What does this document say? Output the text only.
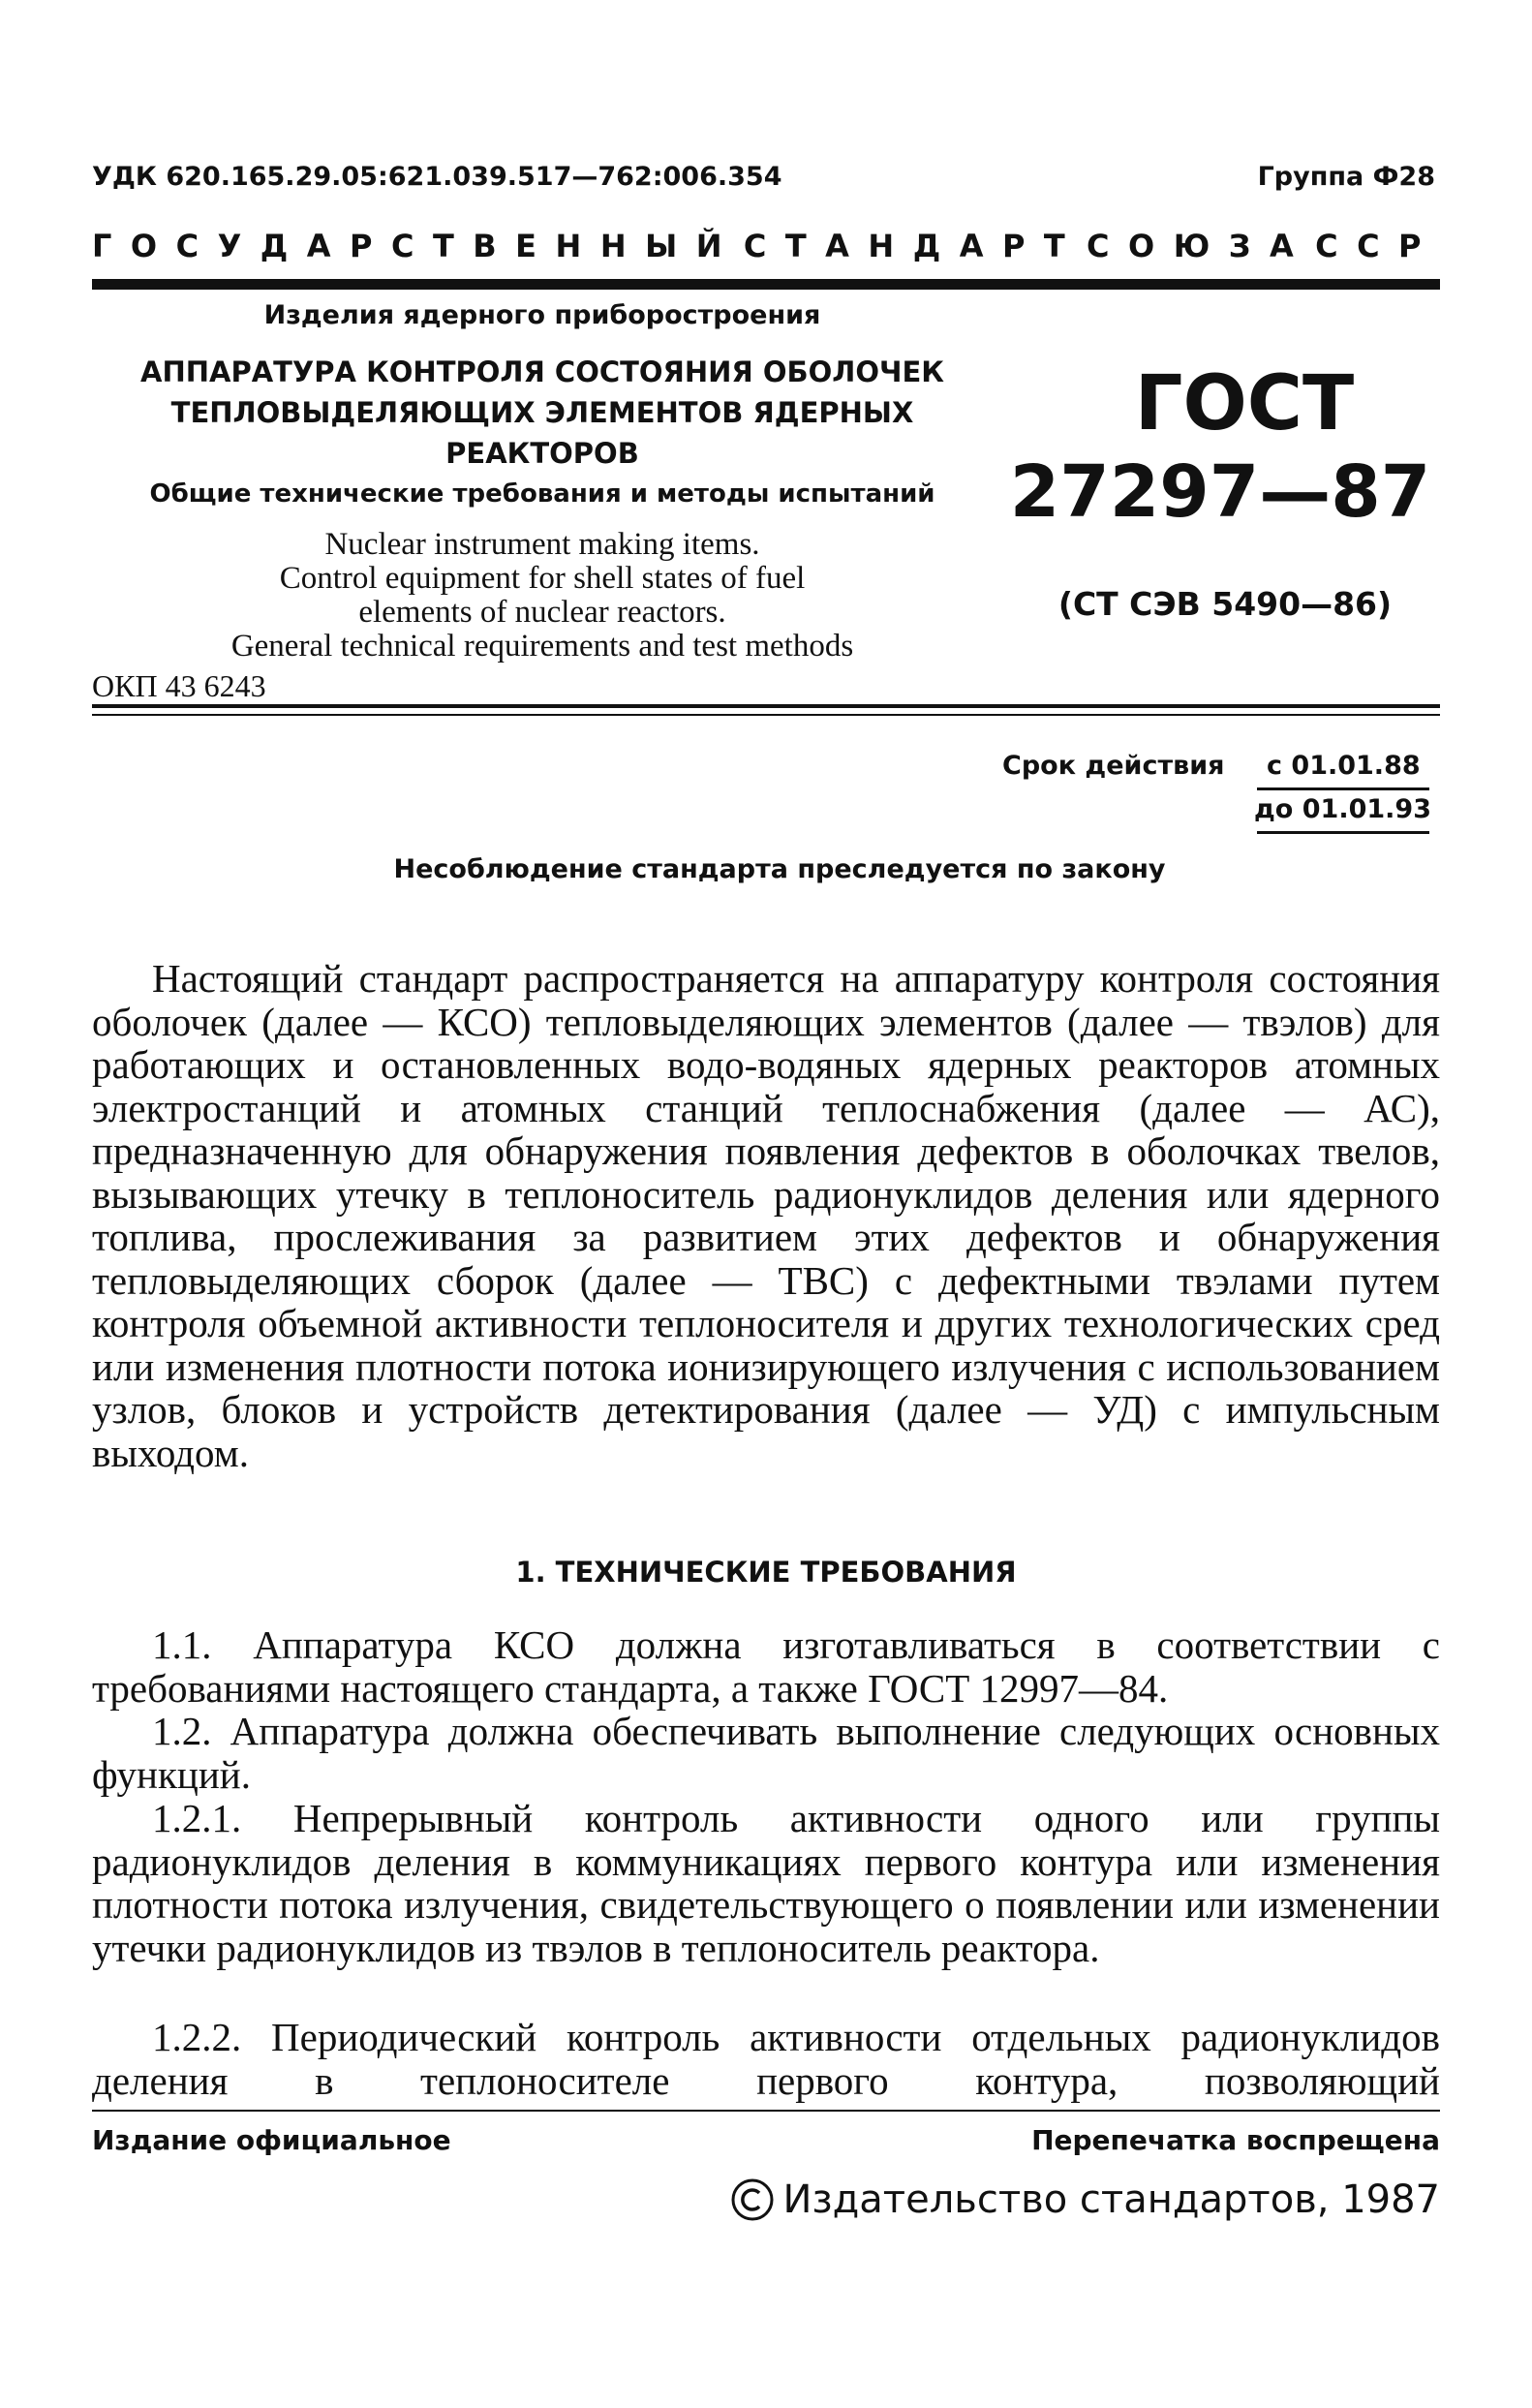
УДК 620.165.29.05:621.039.517—762:006.354	Группа Ф28
ГОСУДАРСТВЕННЫЙ СТАНДАРТ СОЮЗА ССР
Изделия ядерного приборостроения
АППАРАТУРА КОНТРОЛЯ СОСТОЯНИЯ ОБОЛОЧЕК
ТЕПЛОВЫДЕЛЯЮЩИХ ЭЛЕМЕНТОВ ЯДЕРНЫХ
РЕАКТОРОВ
Общие технические требования и методы испытаний
Nuclear instrument making items.
Control equipment for shell states of fuel
elements of nuclear reactors.
General technical requirements and test methods
ОКП 43 6243
ГОСТ
27297—87
(СТ СЭВ 5490—86)
Срок действия с 01.01.88
до 01.01.93
Несоблюдение стандарта преследуется по закону

Настоящий стандарт распространяется на аппаратуру контроля состояния оболочек (далее — КСО) тепловыделяющих элементов (далее — твэлов) для работающих и остановленных водо-водяных ядерных реакторов атомных электростанций и атомных станций теплоснабжения (далее — АС), предназначенную для обнаружения появления дефектов в оболочках твелов, вызывающих утечку в теплоноситель радионуклидов деления или ядерного топлива, прослеживания за развитием этих дефектов и обнаружения тепловыделяющих сборок (далее — ТВС) с дефектными твэлами путем контроля объемной активности теплоносителя и других технологических сред или изменения плотности потока ионизирующего излучения с использованием узлов, блоков и устройств детектирования (далее — УД) с импульсным выходом.

1. ТЕХНИЧЕСКИЕ ТРЕБОВАНИЯ

1.1. Аппаратура КСО должна изготавливаться в соответствии с требованиями настоящего стандарта, а также ГОСТ 12997—84.

1.2. Аппаратура должна обеспечивать выполнение следующих основных функций.

1.2.1. Непрерывный контроль активности одного или группы радионуклидов деления в коммуникациях первого контура или изменения плотности потока излучения, свидетельствующего о появлении или изменении утечки радионуклидов из твэлов в теплоноситель реактора.

1.2.2. Периодический контроль активности отдельных радионуклидов деления в теплоносителе первого контура, позволяющий

Издание официальное	Перепечатка воспрещена
Издательство стандартов, 1987
